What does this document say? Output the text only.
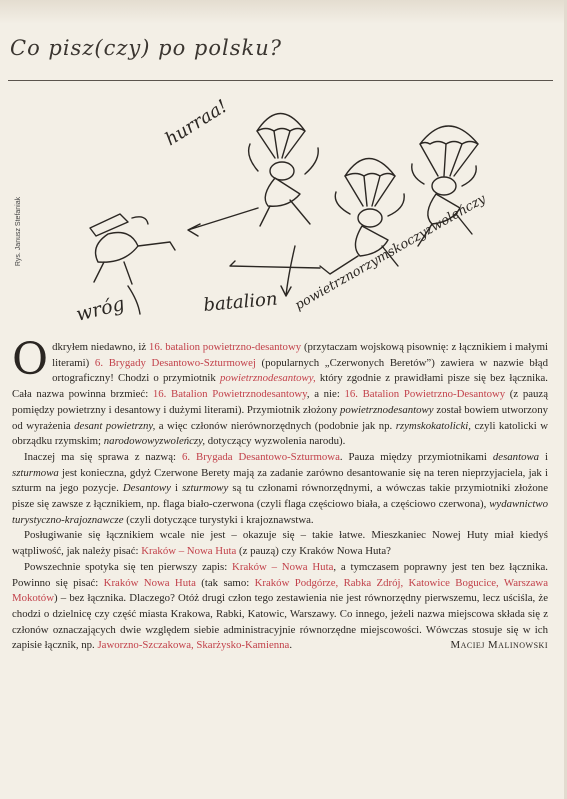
Co pisz(czy) po polsku?
hurraa!
wróg	batalion powietrznorzymskoczyzwoleńczy
Rys. Janusz Stefaniak

Odkryłem niedawno, iż 16. batalion powietrzno-desantowy (przytaczam wojskową pisownię: z łącznikiem i małymi literami) 6. Brygady Desantowo-Szturmowej (popularnych „Czerwonych Beretów”) zawiera w nazwie błąd ortograficzny! Chodzi o przymiotnik powietrznodesantowy, który zgodnie z prawidłami pisze się bez łącznika. Cała nazwa powinna brzmieć: 16. Batalion Powietrznodesantowy, a nie: 16. Batalion Powietrzno-Desantowy (z pauzą pomiędzy powietrzny i desantowy i dużymi literami). Przymiotnik złożony powietrznodesantowy został bowiem utworzony od wyrażenia desant powietrzny, a więc członów nierównorzędnych (podobnie jak np. rzymskokatolicki, czyli katolicki w obrządku rzymskim; narodowowyzwoleńczy, dotyczący wyzwolenia narodu).

Inaczej ma się sprawa z nazwą: 6. Brygada Desantowo-Szturmowa. Pauza między przymiotnikami desantowa i szturmowa jest konieczna, gdyż Czerwone Berety mają za zadanie zarówno desantowanie się na teren nieprzyjaciela, jak i szturm na jego pozycje. Desantowy i szturmowy są tu członami równorzędnymi, a wówczas takie przymiotniki złożone pisze się zawsze z łącznikiem, np. flaga biało-czerwona (czyli flaga częściowo biała, a częściowo czerwona), wydawnictwo turystyczno-krajoznawcze (czyli dotyczące turystyki i krajoznawstwa.

Posługiwanie się łącznikiem wcale nie jest – okazuje się – takie łatwe. Mieszkaniec Nowej Huty miał kiedyś wątpliwość, jak należy pisać: Kraków – Nowa Huta (z pauzą) czy Kraków Nowa Huta?

Powszechnie spotyka się ten pierwszy zapis: Kraków – Nowa Huta, a tymczasem poprawny jest ten bez łącznika. Powinno się pisać: Kraków Nowa Huta (tak samo: Kraków Podgórze, Rabka Zdrój, Katowice Bogucice, Warszawa Mokotów) – bez łącznika. Dlaczego? Otóż drugi człon tego zestawienia nie jest równorzędny pierwszemu, lecz uściśla, że chodzi o dzielnicę czy część miasta Krakowa, Rabki, Katowic, Warszawy. Co innego, jeżeli nazwa miejscowa składa się z członów oznaczających dwie względem siebie administracyjnie równorzędne miejscowości. Wówczas stosuje się w ich zapisie łącznik, np. Jaworzno-Szczakowa, Skarżysko-Kamienna.	Maciej Malinowski
